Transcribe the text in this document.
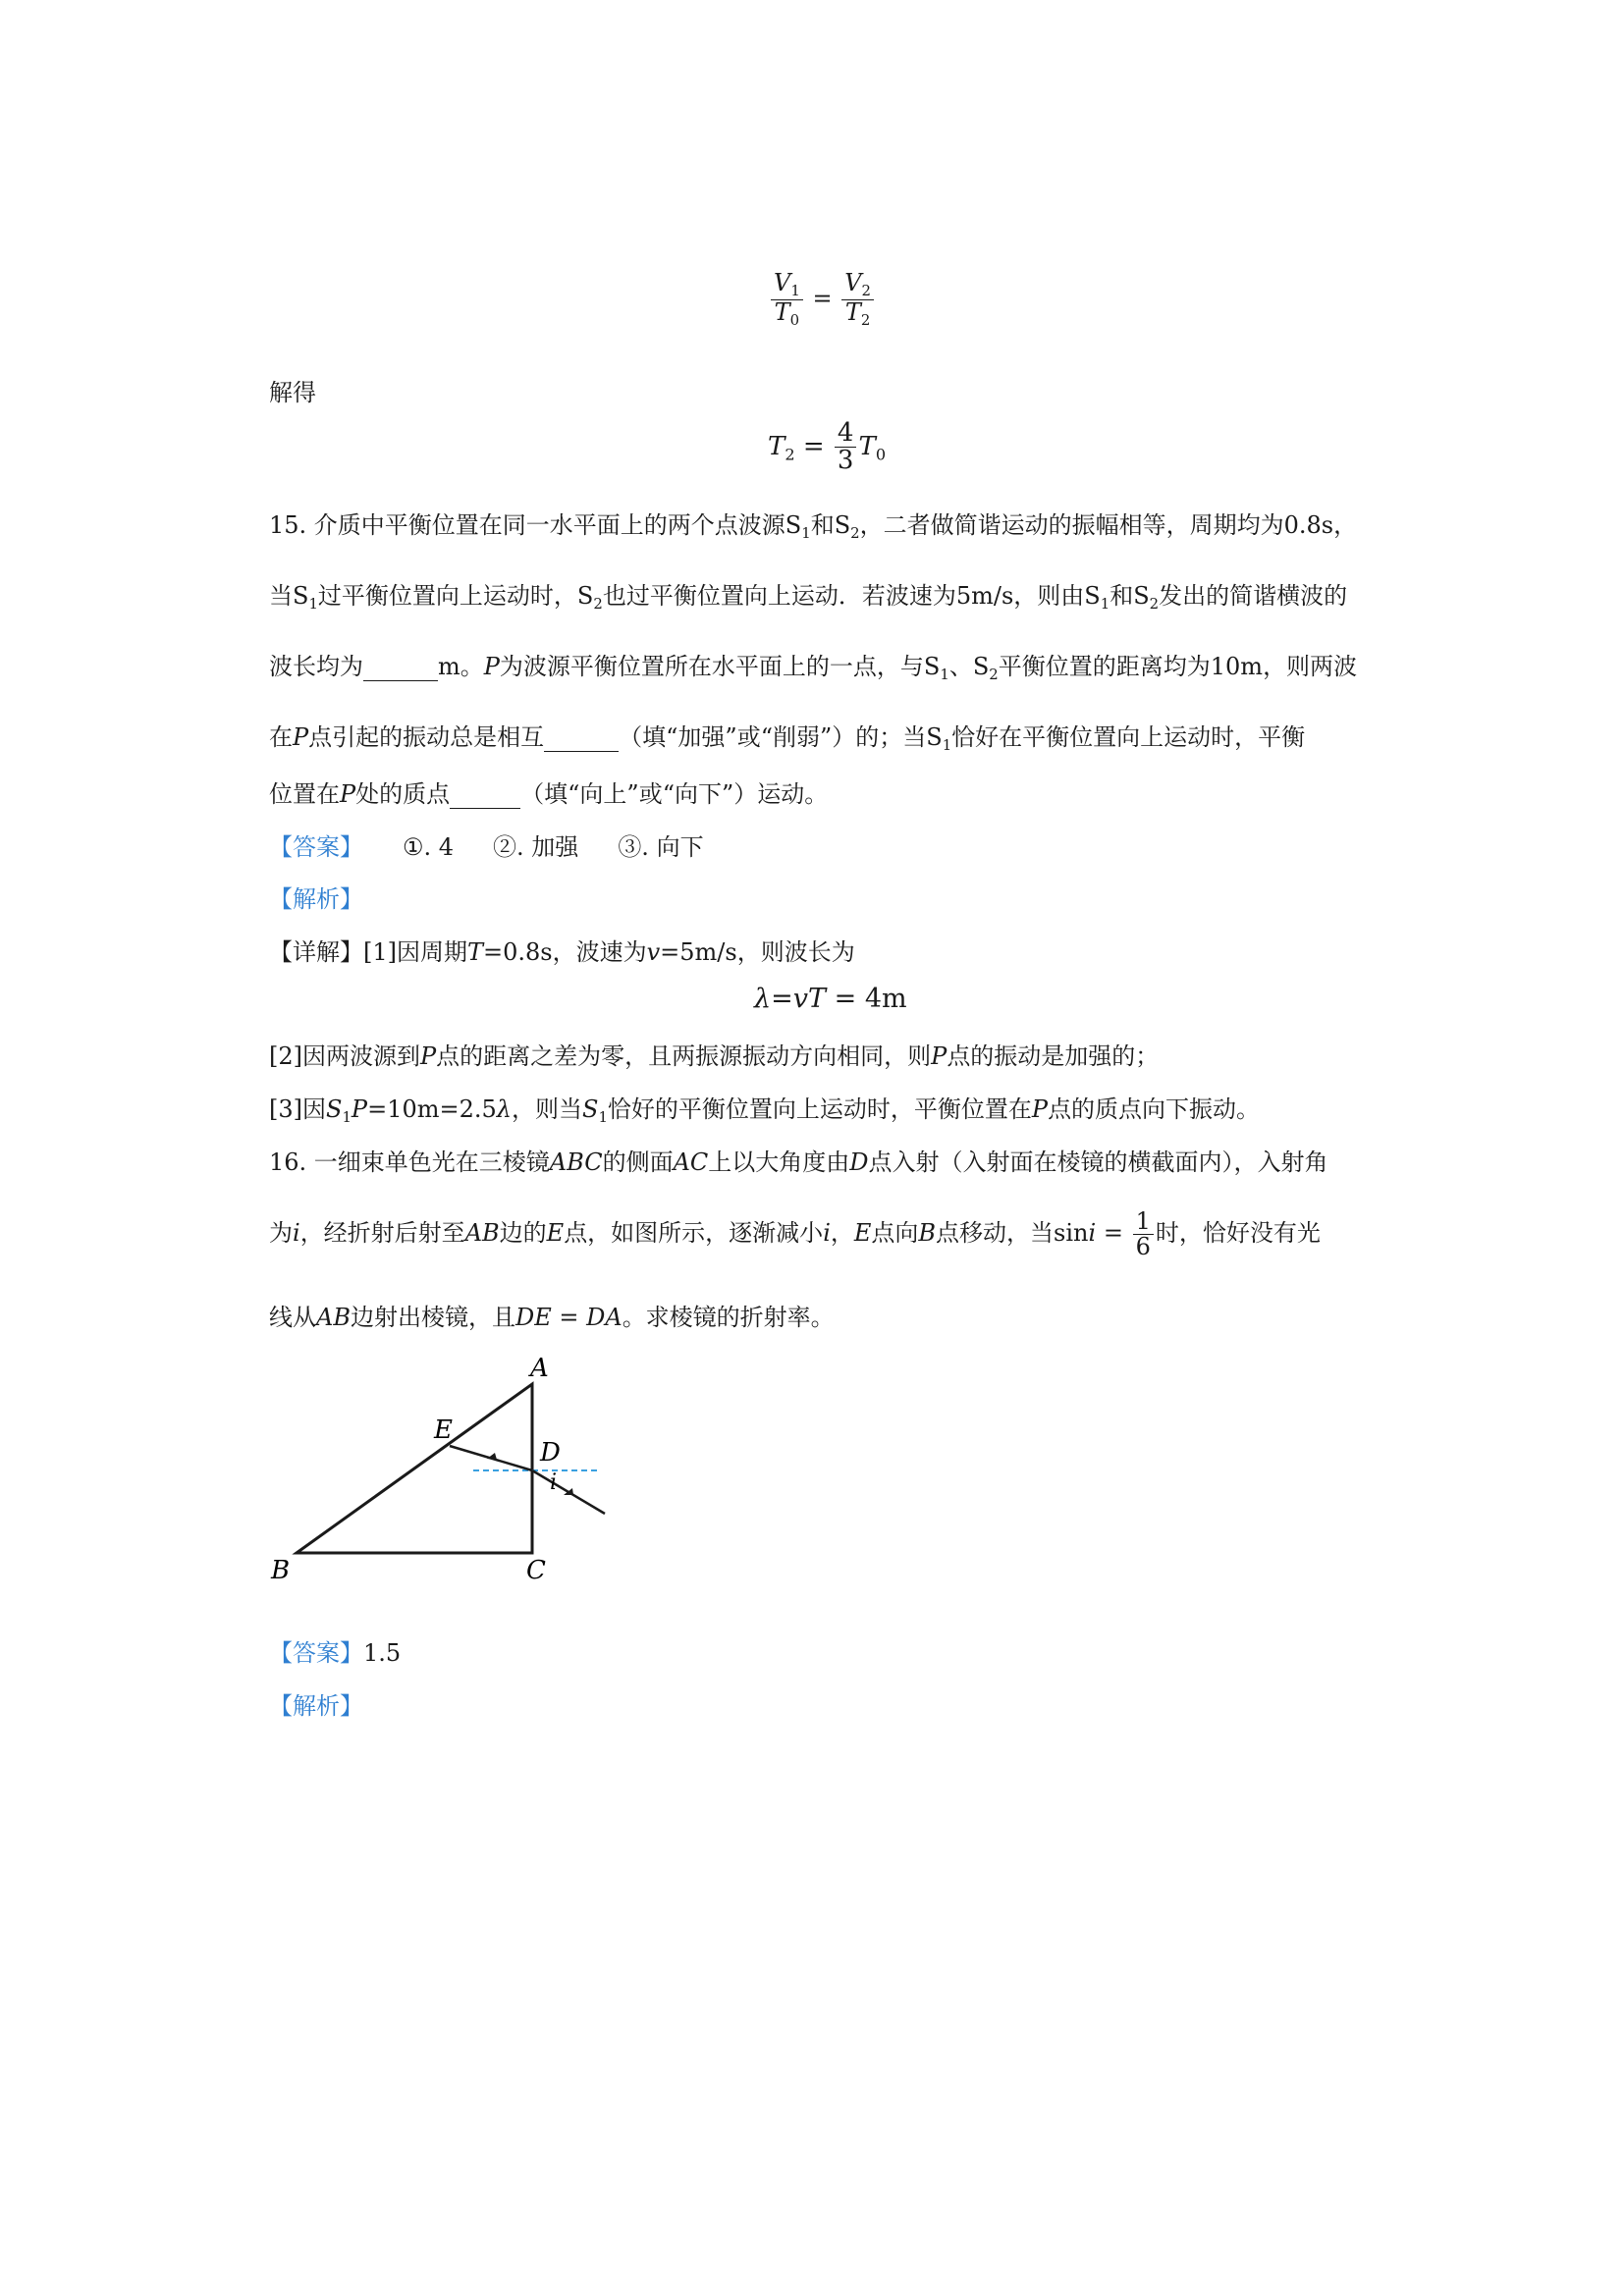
$\frac{V_1}{T_0} = \frac{V_2}{T_2}$
解得
$T_2 = \frac{4}{3} T_0$
15. 介质中平衡位置在同一水平面上的两个点波源$S_1$和$S_2$，二者做简谐运动的振幅相等，周期均为0.8s，
当$S_1$过平衡位置向上运动时，$S_2$也过平衡位置向上运动．若波速为5m/s，则由$S_1$和$S_2$发出的简谐横波的
波长均为	m。P为波源平衡位置所在水平面上的一点，与$S_1$、$S_2$平衡位置的距离均为10m，则两波
在P点引起的振动总是相互	（填“加强”或“削弱”）的；当$S_1$恰好在平衡位置向上运动时，平衡
位置在P处的质点	（填“向上”或“向下”）运动。
【答案】 ①. 4 ②. 加强 ③. 向下
【解析】
【详解】[1]因周期T=0.8s，波速为v=5m/s，则波长为
λ=vT = 4m
[2]因两波源到P点的距离之差为零，且两振源振动方向相同，则P点的振动是加强的；
[3]因$S_1P=10m=2.5\lambda$，则当$S_1$恰好的平衡位置向上运动时，平衡位置在P点的质点向下振动。
16. 一细束单色光在三棱镜ABC的侧面AC上以大角度由D点入射（入射面在棱镜的横截面内），入射角
为i，经折射后射至AB边的E点，如图所示，逐渐减小i，E点向B点移动，当$\sin i = \frac{1}{6}$ 时，恰好没有光
线从AB边射出棱镜，且DE = DA。求棱镜的折射率。
A
B	C
D
E
i
【答案】1.5
【解析】
